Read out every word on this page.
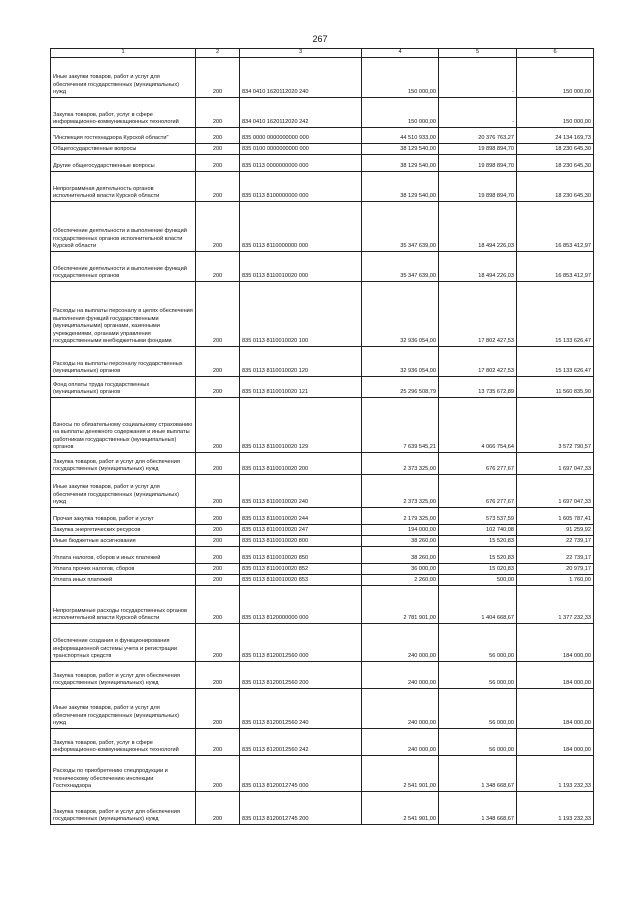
267
1	2	3	4	5	6
Иные закупки товаров, работ и услуг для обеспечения государственных (муниципальных) нужд	200	834 0410 1620112020 240	150 000,00	-	150 000,00
Закупка товаров, работ, услуг в сфере информационно-коммуникационных технологий	200	834 0410 1620112020 242	150 000,00	-	150 000,00
"Инспекция гостехнадзора Курской области"	200	835 0000 0000000000 000	44 510 933,00	20 376 763,27	24 134 169,73
Общегосударственные вопросы	200	835 0100 0000000000 000	38 129 540,00	19 898 894,70	18 230 645,30
Другие общегосударственные вопросы	200	835 0113 0000000000 000	38 129 540,00	19 898 894,70	18 230 645,30
Непрограммная деятельность органов исполнительной власти Курской области	200	835 0113 8100000000 000	38 129 540,00	19 898 894,70	18 230 645,30
Обеспечение деятельности и выполнение функций государственных органов исполнительной власти Курской области	200	835 0113 8110000000 000	35 347 639,00	18 494 226,03	16 853 412,97
Обеспечение деятельности и выполнение функций государственных органов	200	835 0113 8110010020 000	35 347 639,00	18 494 226,03	16 853 412,97
Расходы на выплаты персоналу в целях обеспечения выполнения функций государственными (муниципальными) органами, казенными учреждениями, органами управления государственными внебюджетными фондами	200	835 0113 8110010020 100	32 936 054,00	17 802 427,53	15 133 626,47
Расходы на выплаты персоналу государственных (муниципальных) органов	200	835 0113 8110010020 120	32 936 054,00	17 802 427,53	15 133 626,47
Фонд оплаты труда государственных (муниципальных) органов	200	835 0113 8110010020 121	25 296 508,79	13 735 672,89	11 560 835,90
Взносы по обязательному социальному страхованию на выплаты денежного содержания и иные выплаты работникам государственных (муниципальных) органов	200	835 0113 8110010020 129	7 639 545,21	4 066 754,64	3 572 790,57
Закупка товаров, работ и услуг для обеспечения государственных (муниципальных) нужд	200	835 0113 8110010020 200	2 373 325,00	676 277,67	1 697 047,33
Иные закупки товаров, работ и услуг для обеспечения государственных (муниципальных) нужд	200	835 0113 8110010020 240	2 373 325,00	676 277,67	1 697 047,33
Прочая закупка товаров, работ и услуг	200	835 0113 8110010020 244	2 179 325,00	573 537,59	1 605 787,41
Закупка энергетических ресурсов	200	835 0113 8110010020 247	194 000,00	102 740,08	91 259,92
Иные бюджетные ассигнования	200	835 0113 8110010020 800	38 260,00	15 520,83	22 739,17
Уплата налогов, сборов и иных платежей	200	835 0113 8110010020 850	38 260,00	15 520,83	22 739,17
Уплата прочих налогов, сборов	200	835 0113 8110010020 852	36 000,00	15 020,83	20 979,17
Уплата иных платежей	200	835 0113 8110010020 853	2 260,00	500,00	1 760,00
Непрограммные расходы государственных органов исполнительной власти Курской области	200	835 0113 8120000000 000	2 781 901,00	1 404 668,67	1 377 232,33
Обеспечение создания и функционирования информационной системы учета и регистрации транспортных средств	200	835 0113 8120012560 000	240 000,00	56 000,00	184 000,00
Закупка товаров, работ и услуг для обеспечения государственных (муниципальных) нужд	200	835 0113 8120012560 200	240 000,00	56 000,00	184 000,00
Иные закупки товаров, работ и услуг для обеспечения государственных (муниципальных) нужд	200	835 0113 8120012560 240	240 000,00	56 000,00	184 000,00
Закупка товаров, работ, услуг в сфере информационно-коммуникационных технологий	200	835 0113 8120012560 242	240 000,00	56 000,00	184 000,00
Расходы по приобретению спецпродукции и техническому обеспечению инспекции Гостехнадзора	200	835 0113 8120012745 000	2 541 901,00	1 348 668,67	1 193 232,33
Закупка товаров, работ и услуг для обеспечения государственных (муниципальных) нужд	200	835 0113 8120012745 200	2 541 901,00	1 348 668,67	1 193 232,33
